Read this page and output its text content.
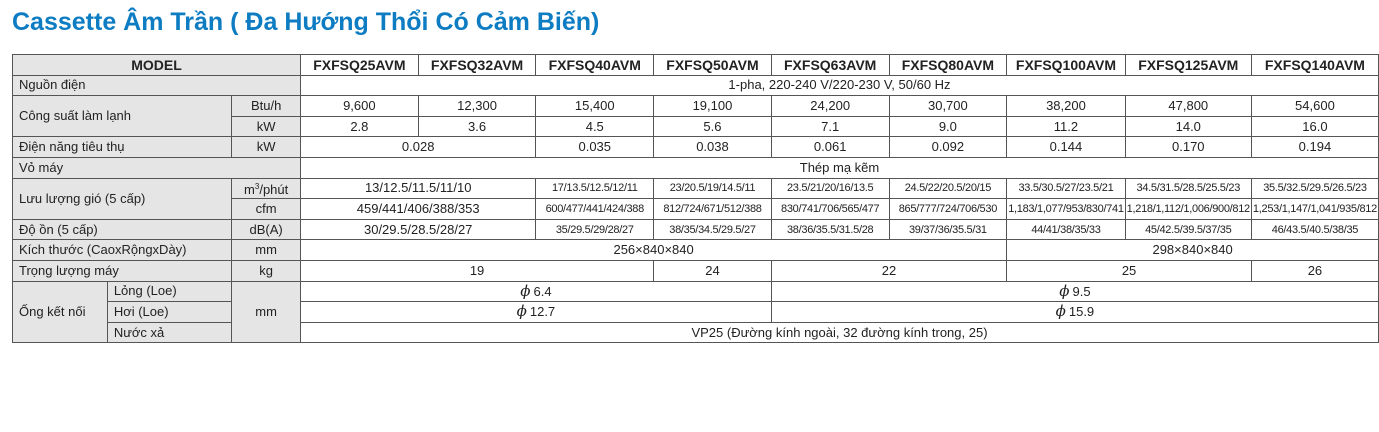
Cassette Âm Trần ( Đa Hướng Thổi Có Cảm Biến)
MODEL			FXFSQ25AVM	FXFSQ32AVM	FXFSQ40AVM	FXFSQ50AVM	FXFSQ63AVM	FXFSQ80AVM	FXFSQ100AVM	FXFSQ125AVM	FXFSQ140AVM
Nguồn điện			1-pha, 220-240 V/220-230 V, 50/60 Hz								
Công suất làm lạnh		Btu/h	9,600	12,300	15,400	19,100	24,200	30,700	38,200	47,800	54,600
		kW	2.8	3.6	4.5	5.6	7.1	9.0	11.2	14.0	16.0
Điện năng tiêu thụ		kW	0.028		0.035	0.038	0.061	0.092	0.144	0.170	0.194
Vỏ máy			Thép mạ kẽm								
Lưu lượng gió (5 cấp)		$m^3$/phút	13/12.5/11.5/11/10		17/13.5/12.5/12/11	23/20.5/19/14.5/11	23.5/21/20/16/13.5	24.5/22/20.5/20/15	33.5/30.5/27/23.5/21	34.5/31.5/28.5/25.5/23	35.5/32.5/29.5/26.5/23
		cfm	459/441/406/388/353		600/477/441/424/388	812/724/671/512/388	830/741/706/565/477	865/777/724/706/530	1,183/1,077/953/830/741	1,218/1,112/1,006/900/812	1,253/1,147/1,041/935/812
Độ ồn (5 cấp)		dB(A)	30/29.5/28.5/28/27		35/29.5/29/28/27	38/35/34.5/29.5/27	38/36/35.5/31.5/28	39/37/36/35.5/31	44/41/38/35/33	45/42.5/39.5/37/35	46/43.5/40.5/38/35
Kích thước (CaoxRộngxDày)		mm	256×840×840						298×840×840		
Trọng lượng máy		kg	19			24	22		25		26
Ống kết nối	Lỏng (Loe)	mm	ϕ 6.4				ϕ 9.5				
	Hơi (Loe)		ϕ 12.7				ϕ 15.9				
	Nước xả		VP25 (Đường kính ngoài, 32 đường kính trong, 25)								
